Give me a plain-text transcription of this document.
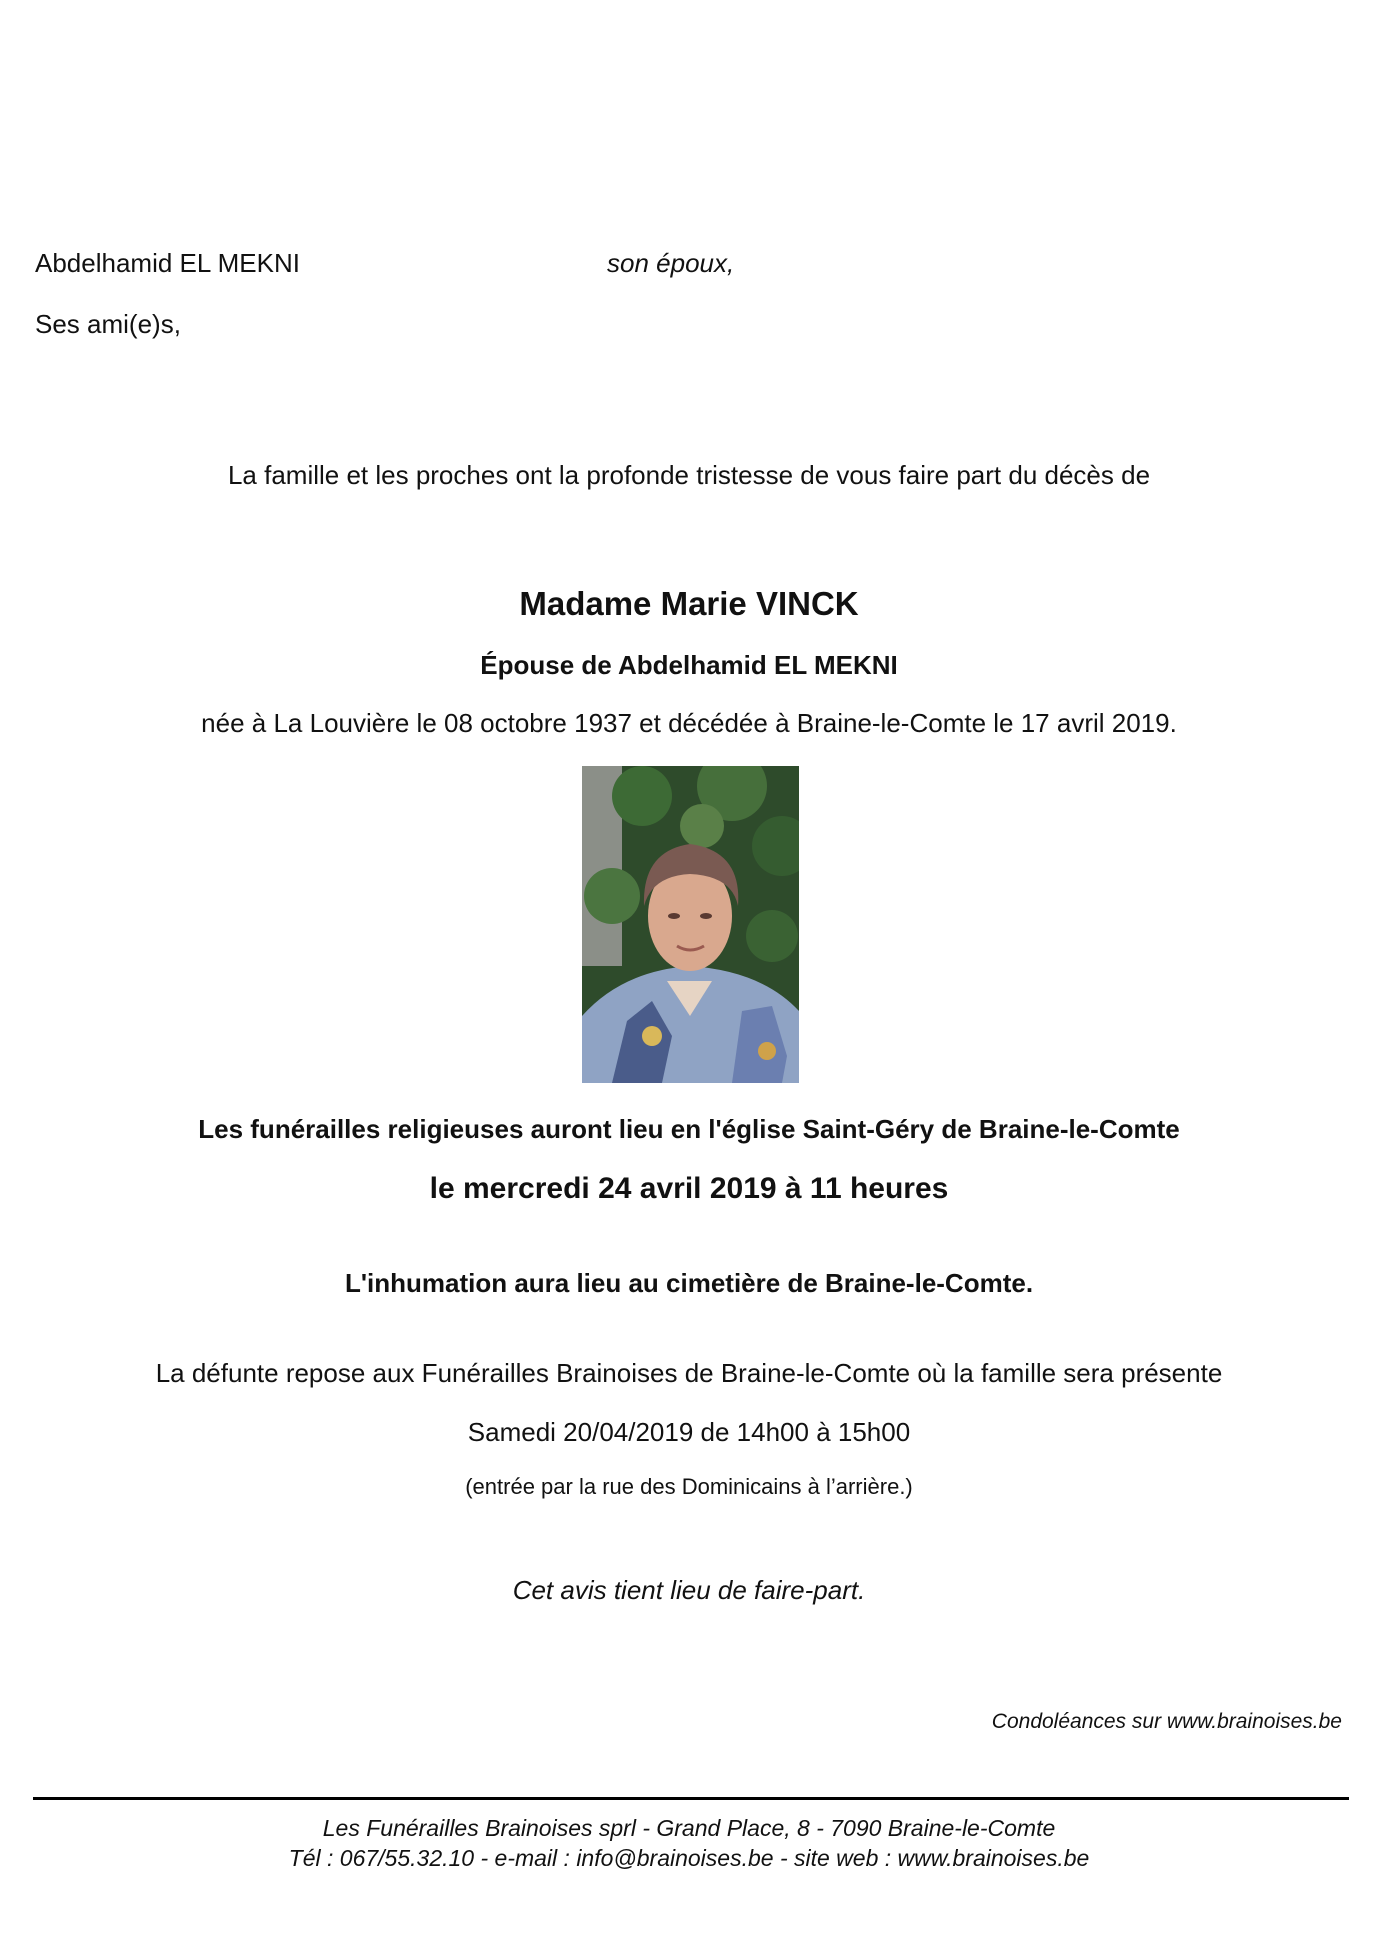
Abdelhamid EL MEKNI	son époux,
Ses ami(e)s,
La famille et les proches ont la profonde tristesse de vous faire part du décès de
Madame Marie VINCK
Épouse de Abdelhamid EL MEKNI
née à La Louvière le 08 octobre 1937 et décédée à Braine-le-Comte le 17 avril 2019.
Les funérailles religieuses auront lieu en l'église Saint-Géry de Braine-le-Comte
le mercredi 24 avril 2019 à 11 heures
L'inhumation aura lieu au cimetière de Braine-le-Comte.
La défunte repose aux Funérailles Brainoises de Braine-le-Comte où la famille sera présente
Samedi 20/04/2019 de 14h00 à 15h00
(entrée par la rue des Dominicains à l’arrière.)
Cet avis tient lieu de faire-part.
Condoléances sur www.brainoises.be
Les Funérailles Brainoises sprl - Grand Place, 8 - 7090 Braine-le-Comte
Tél : 067/55.32.10 - e-mail : info@brainoises.be - site web : www.brainoises.be
